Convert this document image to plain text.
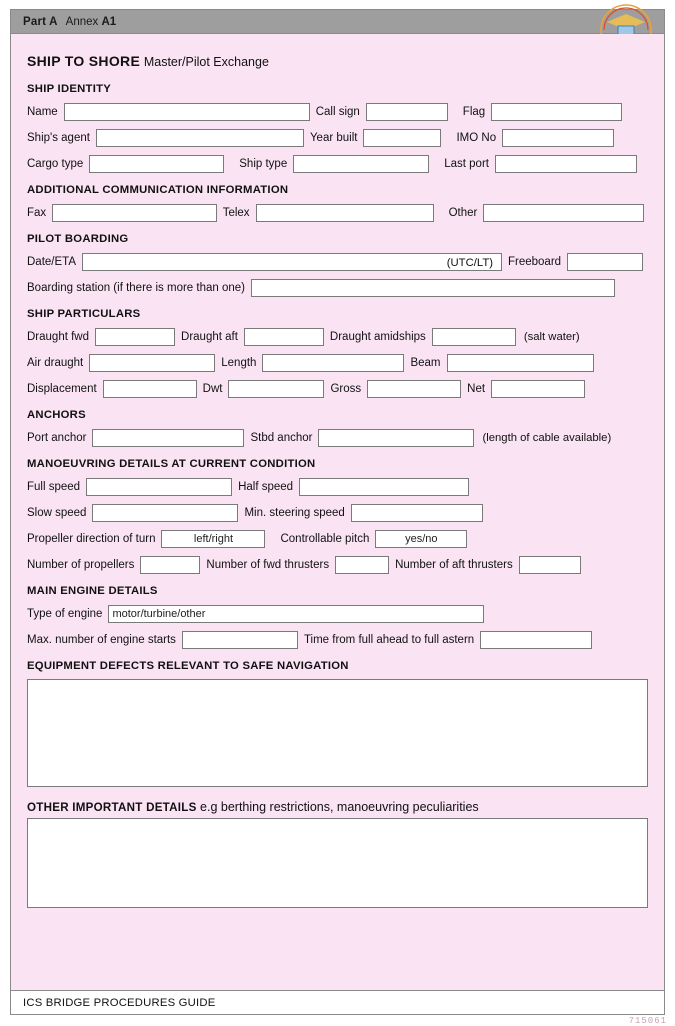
Part A Annex A1
SHIP TO SHORE Master/Pilot Exchange
SHIP IDENTITY
Name	Call sign	Flag
Ship's agent	Year built	IMO No
Cargo type	Ship type	Last port
ADDITIONAL COMMUNICATION INFORMATION
Fax	Telex	Other
PILOT BOARDING
Date/ETA	(UTC/LT) Freeboard
Boarding station (if there is more than one)
SHIP PARTICULARS
Draught fwd	Draught aft	Draught amidships	(salt water)
Air draught	Length	Beam
Displacement	Dwt	Gross	Net
ANCHORS
Port anchor	Stbd anchor	(length of cable available)
MANOEUVRING DETAILS AT CURRENT CONDITION
Full speed	Half speed
Slow speed	Min. steering speed
Propeller direction of turn	left/right	Controllable pitch	yes/no
Number of propellers	Number of fwd thrusters	Number of aft thrusters
MAIN ENGINE DETAILS
Type of engine motor/turbine/other
Max. number of engine starts	Time from full ahead to full astern
EQUIPMENT DEFECTS RELEVANT TO SAFE NAVIGATION
OTHER IMPORTANT DETAILS e.g berthing restrictions, manoeuvring peculiarities
ICS BRIDGE PROCEDURES GUIDE
715061
